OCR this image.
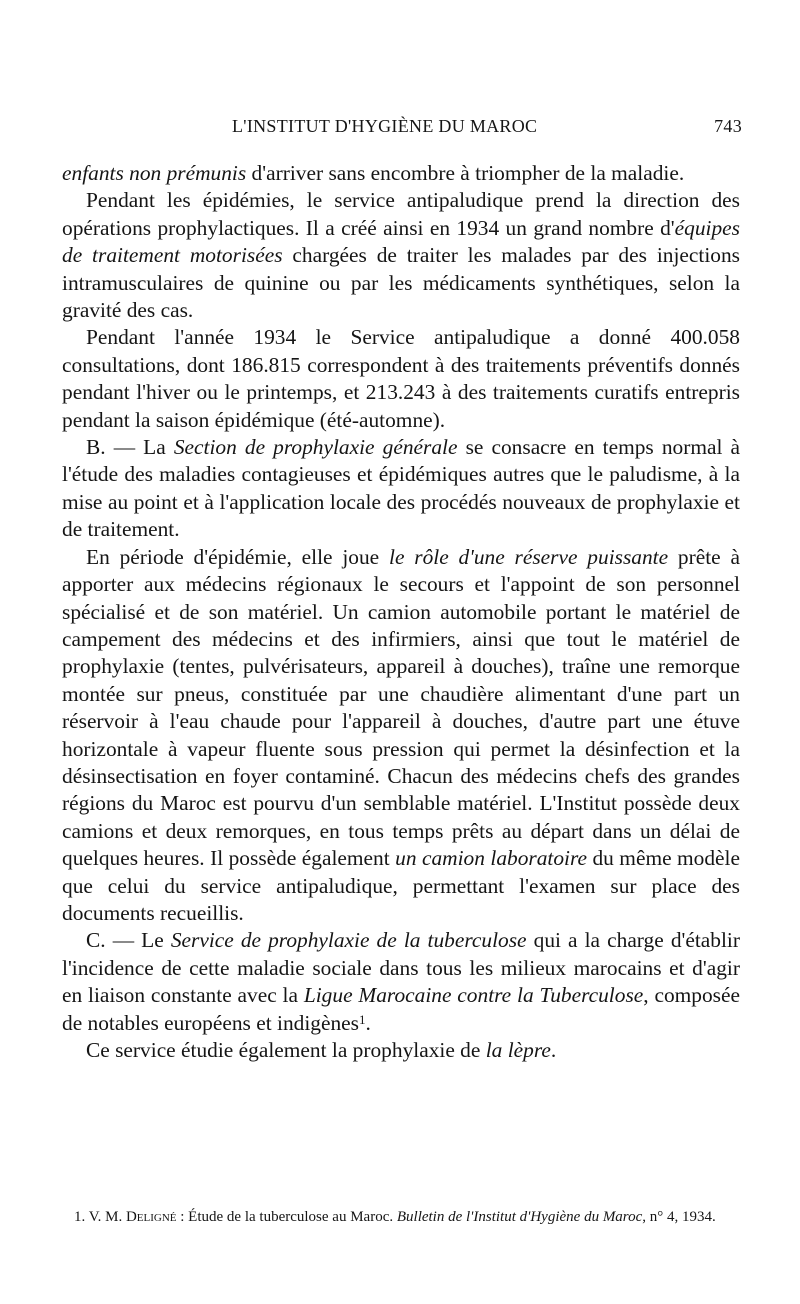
L'INSTITUT D'HYGIÈNE DU MAROC	743

enfants non prémunis d'arriver sans encombre à triompher de la maladie.

Pendant les épidémies, le service antipaludique prend la direction des opérations prophylactiques. Il a créé ainsi en 1934 un grand nombre d'équipes de traitement motorisées chargées de traiter les malades par des injections intramusculaires de quinine ou par les médicaments synthétiques, selon la gravité des cas.

Pendant l'année 1934 le Service antipaludique a donné 400.058 consultations, dont 186.815 correspondent à des traitements préventifs donnés pendant l'hiver ou le printemps, et 213.243 à des traitements curatifs entrepris pendant la saison épidémique (été-automne).

B. — La Section de prophylaxie générale se consacre en temps normal à l'étude des maladies contagieuses et épidémiques autres que le paludisme, à la mise au point et à l'application locale des procédés nouveaux de prophylaxie et de traitement.

En période d'épidémie, elle joue le rôle d'une réserve puissante prête à apporter aux médecins régionaux le secours et l'appoint de son personnel spécialisé et de son matériel. Un camion automobile portant le matériel de campement des médecins et des infirmiers, ainsi que tout le matériel de prophylaxie (tentes, pulvérisateurs, appareil à douches), traîne une remorque montée sur pneus, constituée par une chaudière alimentant d'une part un réservoir à l'eau chaude pour l'appareil à douches, d'autre part une étuve horizontale à vapeur fluente sous pression qui permet la désinfection et la désinsectisation en foyer contaminé. Chacun des médecins chefs des grandes régions du Maroc est pourvu d'un semblable matériel. L'Institut possède deux camions et deux remorques, en tous temps prêts au départ dans un délai de quelques heures. Il possède également un camion laboratoire du même modèle que celui du service antipaludique, permettant l'examen sur place des documents recueillis.

C. — Le Service de prophylaxie de la tuberculose qui a la charge d'établir l'incidence de cette maladie sociale dans tous les milieux marocains et d'agir en liaison constante avec la Ligue Marocaine contre la Tuberculose, composée de notables européens et indigènes$^1$.

Ce service étudie également la prophylaxie de la lèpre.

1. V. M. Deligné : Étude de la tuberculose au Maroc. Bulletin de l'Institut d'Hygiène du Maroc, n° 4, 1934.
